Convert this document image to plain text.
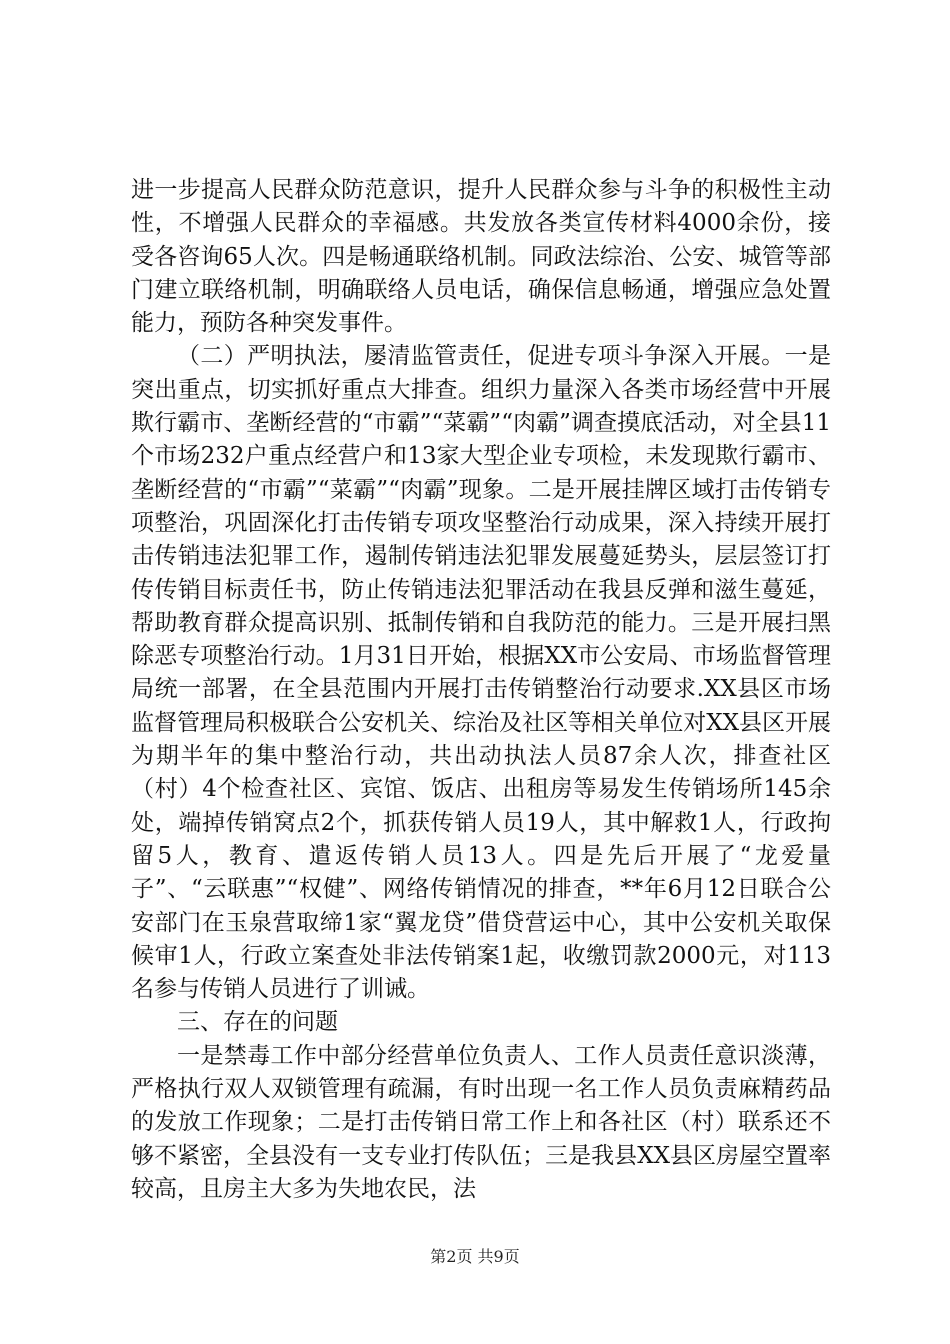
进一步提高人民群众防范意识，提升人民群众参与斗争的积极性主动性，不增强人民群众的幸福感。共发放各类宣传材料4000余份，接受各咨询65人次。四是畅通联络机制。同政法综治、公安、城管等部门建立联络机制，明确联络人员电话，确保信息畅通，增强应急处置能力，预防各种突发事件。

（二）严明执法，屡清监管责任，促进专项斗争深入开展。一是突出重点，切实抓好重点大排查。组织力量深入各类市场经营中开展欺行霸市、垄断经营的“市霸”“菜霸”“肉霸”调查摸底活动，对全县11个市场232户重点经营户和13家大型企业专项检，未发现欺行霸市、垄断经营的“市霸”“菜霸”“肉霸”现象。二是开展挂牌区域打击传销专项整治，巩固深化打击传销专项攻坚整治行动成果，深入持续开展打击传销违法犯罪工作，遏制传销违法犯罪发展蔓延势头，层层签订打传传销目标责任书，防止传销违法犯罪活动在我县反弹和滋生蔓延，帮助教育群众提高识别、抵制传销和自我防范的能力。三是开展扫黑除恶专项整治行动。1月31日开始，根据XX市公安局、市场监督管理局统一部署，在全县范围内开展打击传销整治行动要求.XX县区市场监督管理局积极联合公安机关、综治及社区等相关单位对XX县区开展为期半年的集中整治行动，共出动执法人员87余人次，排查社区（村）4个检查社区、宾馆、饭店、出租房等易发生传销场所145余处，端掉传销窝点2个，抓获传销人员19人，其中解救1人，行政拘留5人，教育、遣返传销人员13人。四是先后开展了“龙爱量子”、“云联惠”“权健”、网络传销情况的排查，**年6月12日联合公安部门在玉泉营取缔1家“翼龙贷”借贷营运中心，其中公安机关取保候审1人，行政立案查处非法传销案1起，收缴罚款2000元，对113名参与传销人员进行了训诫。

三、存在的问题

一是禁毒工作中部分经营单位负责人、工作人员责任意识淡薄，严格执行双人双锁管理有疏漏，有时出现一名工作人员负责麻精药品的发放工作现象；二是打击传销日常工作上和各社区（村）联系还不够不紧密，全县没有一支专业打传队伍；三是我县XX县区房屋空置率较高，且房主大多为失地农民，法

第2页 共9页
